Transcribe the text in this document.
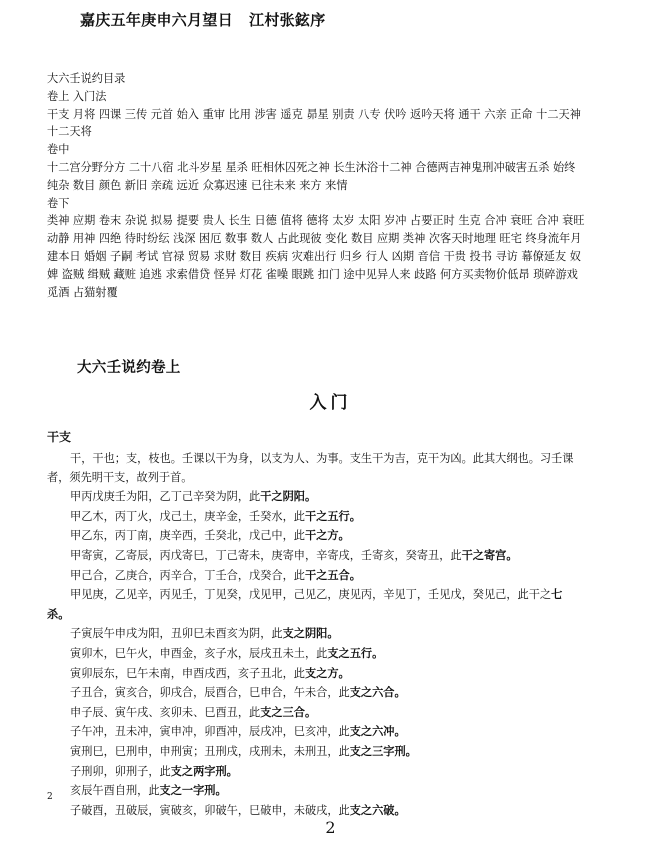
嘉庆五年庚申六月望日 江村张鉉序
大六壬说约目录
卷上 入门法
干支 月将 四课 三传 元首 始入 重审 比用 涉害 遥克 昴星 别责 八专 伏吟 返吟天将 通干 六亲 正命 十二天神 十二天将
卷中
十二宫分野分方 二十八宿 北斗岁星 星杀 旺相休囚死之神 长生沐浴十二神 合德两吉神鬼刑冲破害五杀 始终 纯杂 数目 颜色 新旧 亲疏 远近 众寡迟速 已往未来 来方 来情
卷下
类神 应期 卷末 杂说 拟易 提要 贵人 长生 日德 值将 德将 太岁 太阳 岁冲 占要正时 生克 合冲 衰旺 合冲 衰旺 动静 用神 四绝 待时纷纭 浅深 困厄 数事 数人 占此现彼 变化 数目 应期 类神 次客天时地理 旺宅 终身流年月建本日 婚姻 子嗣 考试 官禄 贸易 求财 数目 疾病 灾难出行 归乡 行人 凶期 音信 干贵 投书 寻访 幕僚延友 奴婢 盗贼 缉贼 藏赃 追逃 求索借贷 怪异 灯花 雀噪 眼跳 扣门 途中见异人来 歧路 何方买卖物价低昂 琐碎游戏 觅酒 占猫射覆
大六壬说约卷上
入门
干支
干，干也；支，枝也。壬课以干为身，以支为人、为事。支生干为吉，克干为凶。此其大纲也。习壬课者，须先明干支，故列于首。
甲丙戊庚壬为阳，乙丁己辛癸为阴，此干之阴阳。
甲乙木，丙丁火，戊己土，庚辛金，壬癸水，此干之五行。
甲乙东，丙丁南，庚辛西，壬癸北，戊己中，此干之方。
甲寄寅，乙寄辰，丙戊寄巳，丁己寄未，庚寄申，辛寄戌，壬寄亥，癸寄丑，此干之寄宫。
甲己合，乙庚合，丙辛合，丁壬合，戊癸合，此干之五合。
甲见庚，乙见辛，丙见壬，丁见癸，戊见甲，己见乙，庚见丙，辛见丁，壬见戊，癸见己，此干之七
杀。
子寅辰午申戌为阳，丑卯巳未酉亥为阴，此支之阴阳。
寅卯木，巳午火，申酉金，亥子水，辰戌丑未土，此支之五行。
寅卯辰东，巳午未南，申酉戌西，亥子丑北，此支之方。
子丑合，寅亥合，卯戌合，辰酉合，巳申合，午未合，此支之六合。
申子辰、寅午戌、亥卯未、巳酉丑，此支之三合。
子午冲，丑未冲，寅申冲，卯酉冲，辰戌冲，巳亥冲，此支之六冲。
寅刑巳，巳刑申，申刑寅；丑刑戌，戌刑未，未刑丑，此支之三字刑。
子刑卯，卯刑子，此支之两字刑。
亥辰午酉自刑，此支之一字刑。
子破酉，丑破辰，寅破亥，卯破午，巳破申，未破戌，此支之六破。
2
2
